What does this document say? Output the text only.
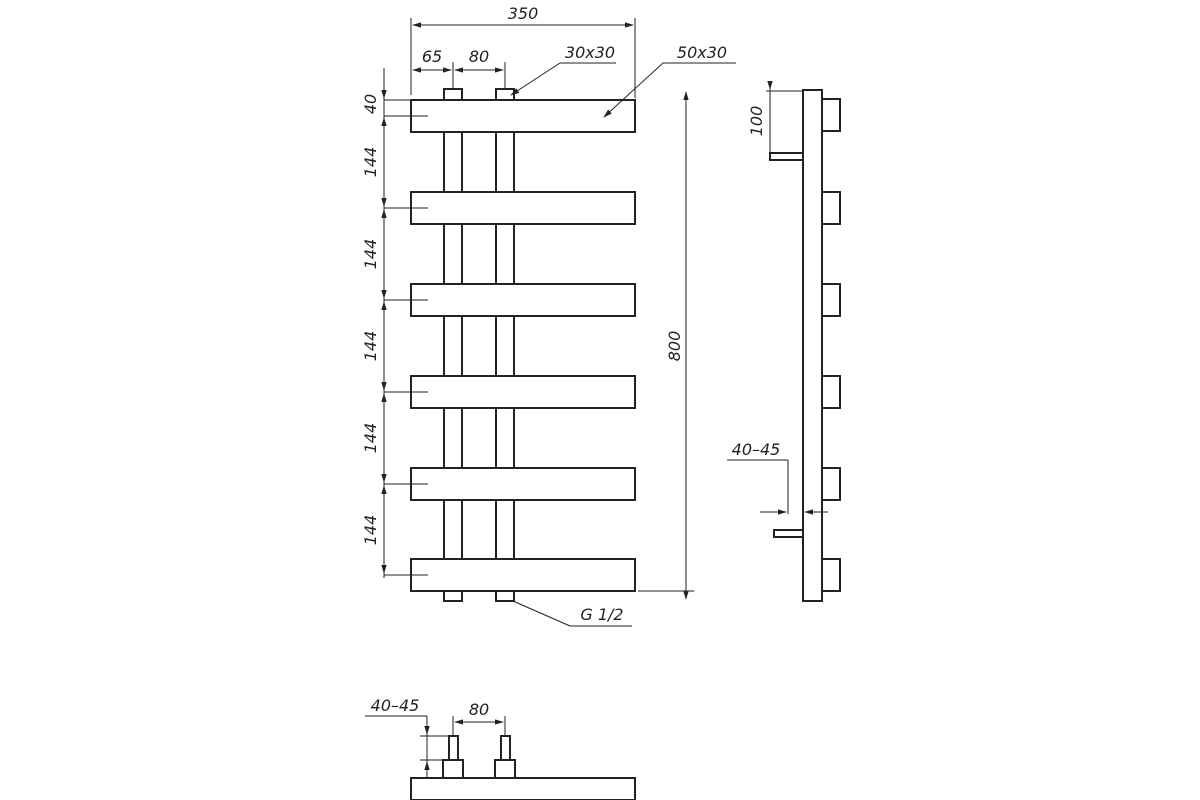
40
144
144
144
144
144
350
65 80	30x30	50x30
800
G 1/2
100
40–45
80
40–45
